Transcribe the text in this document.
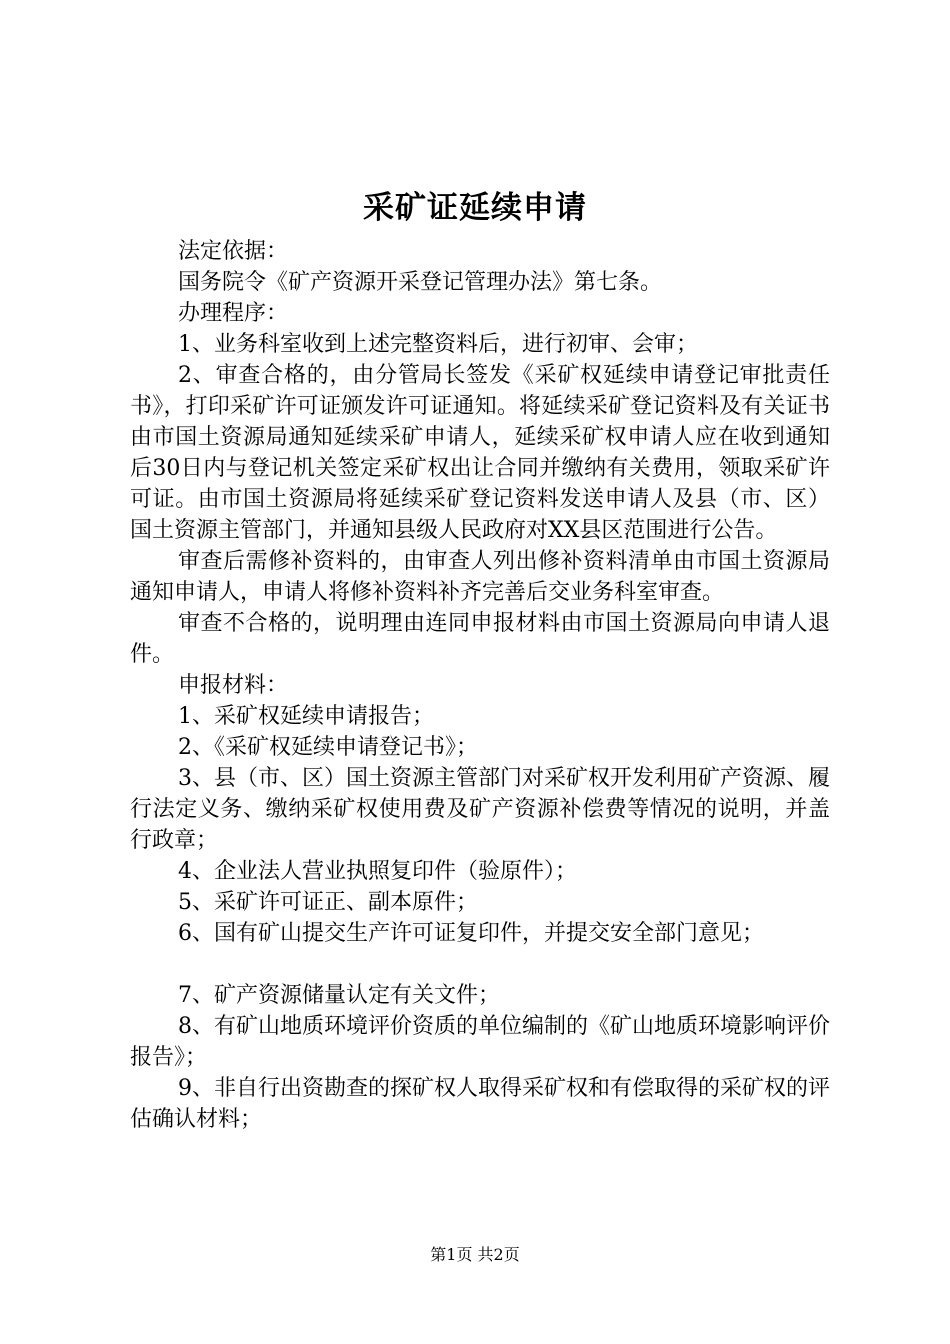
采矿证延续申请

法定依据：

国务院令《矿产资源开采登记管理办法》第七条。

办理程序：

1、业务科室收到上述完整资料后，进行初审、会审；

2、审查合格的，由分管局长签发《采矿权延续申请登记审批责任书》，打印采矿许可证颁发许可证通知。将延续采矿登记资料及有关证书由市国土资源局通知延续采矿申请人，延续采矿权申请人应在收到通知后30日内与登记机关签定采矿权出让合同并缴纳有关费用，领取采矿许可证。由市国土资源局将延续采矿登记资料发送申请人及县（市、区）国土资源主管部门，并通知县级人民政府对XX县区范围进行公告。

审查后需修补资料的，由审查人列出修补资料清单由市国土资源局通知申请人，申请人将修补资料补齐完善后交业务科室审查。

审查不合格的，说明理由连同申报材料由市国土资源局向申请人退件。

申报材料：

1、采矿权延续申请报告；

2、《采矿权延续申请登记书》；

3、县（市、区）国土资源主管部门对采矿权开发利用矿产资源、履行法定义务、缴纳采矿权使用费及矿产资源补偿费等情况的说明，并盖行政章；

4、企业法人营业执照复印件（验原件）；

5、采矿许可证正、副本原件；

6、国有矿山提交生产许可证复印件，并提交安全部门意见；

7、矿产资源储量认定有关文件；

8、有矿山地质环境评价资质的单位编制的《矿山地质环境影响评价报告》；

9、非自行出资勘查的探矿权人取得采矿权和有偿取得的采矿权的评估确认材料；

第1页 共2页
